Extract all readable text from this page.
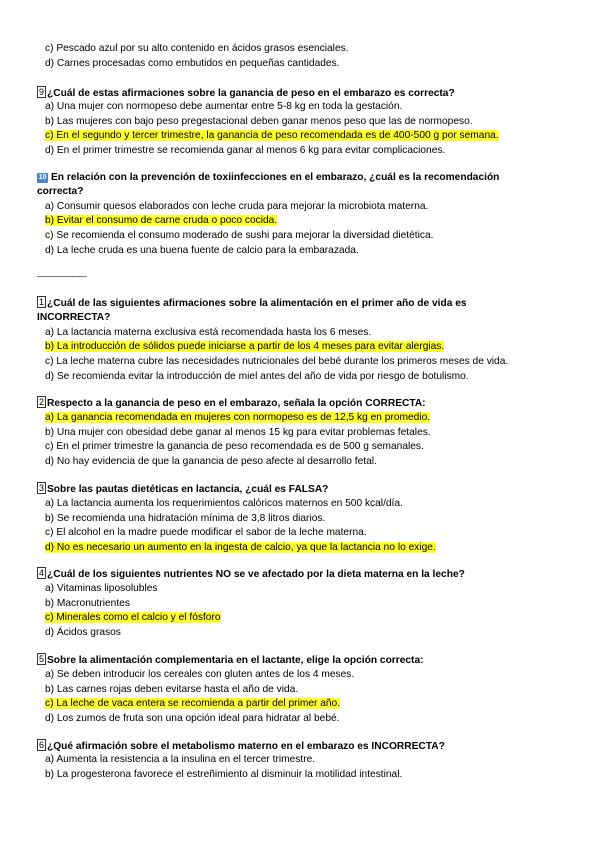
c) Pescado azul por su alto contenido en ácidos grasos esenciales.
d) Carnes procesadas como embutidos en pequeñas cantidades.
9 ¿Cuál de estas afirmaciones sobre la ganancia de peso en el embarazo es correcta?
a) Una mujer con normopeso debe aumentar entre 5-8 kg en toda la gestación.
b) Las mujeres con bajo peso pregestacional deben ganar menos peso que las de normopeso.
c) En el segundo y tercer trimestre, la ganancia de peso recomendada es de 400-500 g por semana.
d) En el primer trimestre se recomienda ganar al menos 6 kg para evitar complicaciones.
10 En relación con la prevención de toxiinfecciones en el embarazo, ¿cuál es la recomendación
correcta?
a) Consumir quesos elaborados con leche cruda para mejorar la microbiota materna.
b) Evitar el consumo de carne cruda o poco cocida.
c) Se recomienda el consumo moderado de sushi para mejorar la diversidad dietética.
d) La leche cruda es una buena fuente de calcio para la embarazada.
———————
1 ¿Cuál de las siguientes afirmaciones sobre la alimentación en el primer año de vida es
INCORRECTA?
a) La lactancia materna exclusiva está recomendada hasta los 6 meses.
b) La introducción de sólidos puede iniciarse a partir de los 4 meses para evitar alergias.
c) La leche materna cubre las necesidades nutricionales del bebé durante los primeros meses de vida.
d) Se recomienda evitar la introducción de miel antes del año de vida por riesgo de botulismo.
2 Respecto a la ganancia de peso en el embarazo, señala la opción CORRECTA:
a) La ganancia recomendada en mujeres con normopeso es de 12,5 kg en promedio.
b) Una mujer con obesidad debe ganar al menos 15 kg para evitar problemas fetales.
c) En el primer trimestre la ganancia de peso recomendada es de 500 g semanales.
d) No hay evidencia de que la ganancia de peso afecte al desarrollo fetal.
3 Sobre las pautas dietéticas en lactancia, ¿cuál es FALSA?
a) La lactancia aumenta los requerimientos calóricos maternos en 500 kcal/día.
b) Se recomienda una hidratación mínima de 3,8 litros diarios.
c) El alcohol en la madre puede modificar el sabor de la leche materna.
d) No es necesario un aumento en la ingesta de calcio, ya que la lactancia no lo exige.
4 ¿Cuál de los siguientes nutrientes NO se ve afectado por la dieta materna en la leche?
a) Vitaminas liposolubles
b) Macronutrientes
c) Minerales como el calcio y el fósforo
d) Ácidos grasos
5 Sobre la alimentación complementaria en el lactante, elige la opción correcta:
a) Se deben introducir los cereales con gluten antes de los 4 meses.
b) Las carnes rojas deben evitarse hasta el año de vida.
c) La leche de vaca entera se recomienda a partir del primer año.
d) Los zumos de fruta son una opción ideal para hidratar al bebé.
6 ¿Qué afirmación sobre el metabolismo materno en el embarazo es INCORRECTA?
a) Aumenta la resistencia a la insulina en el tercer trimestre.
b) La progesterona favorece el estreñimiento al disminuir la motilidad intestinal.
